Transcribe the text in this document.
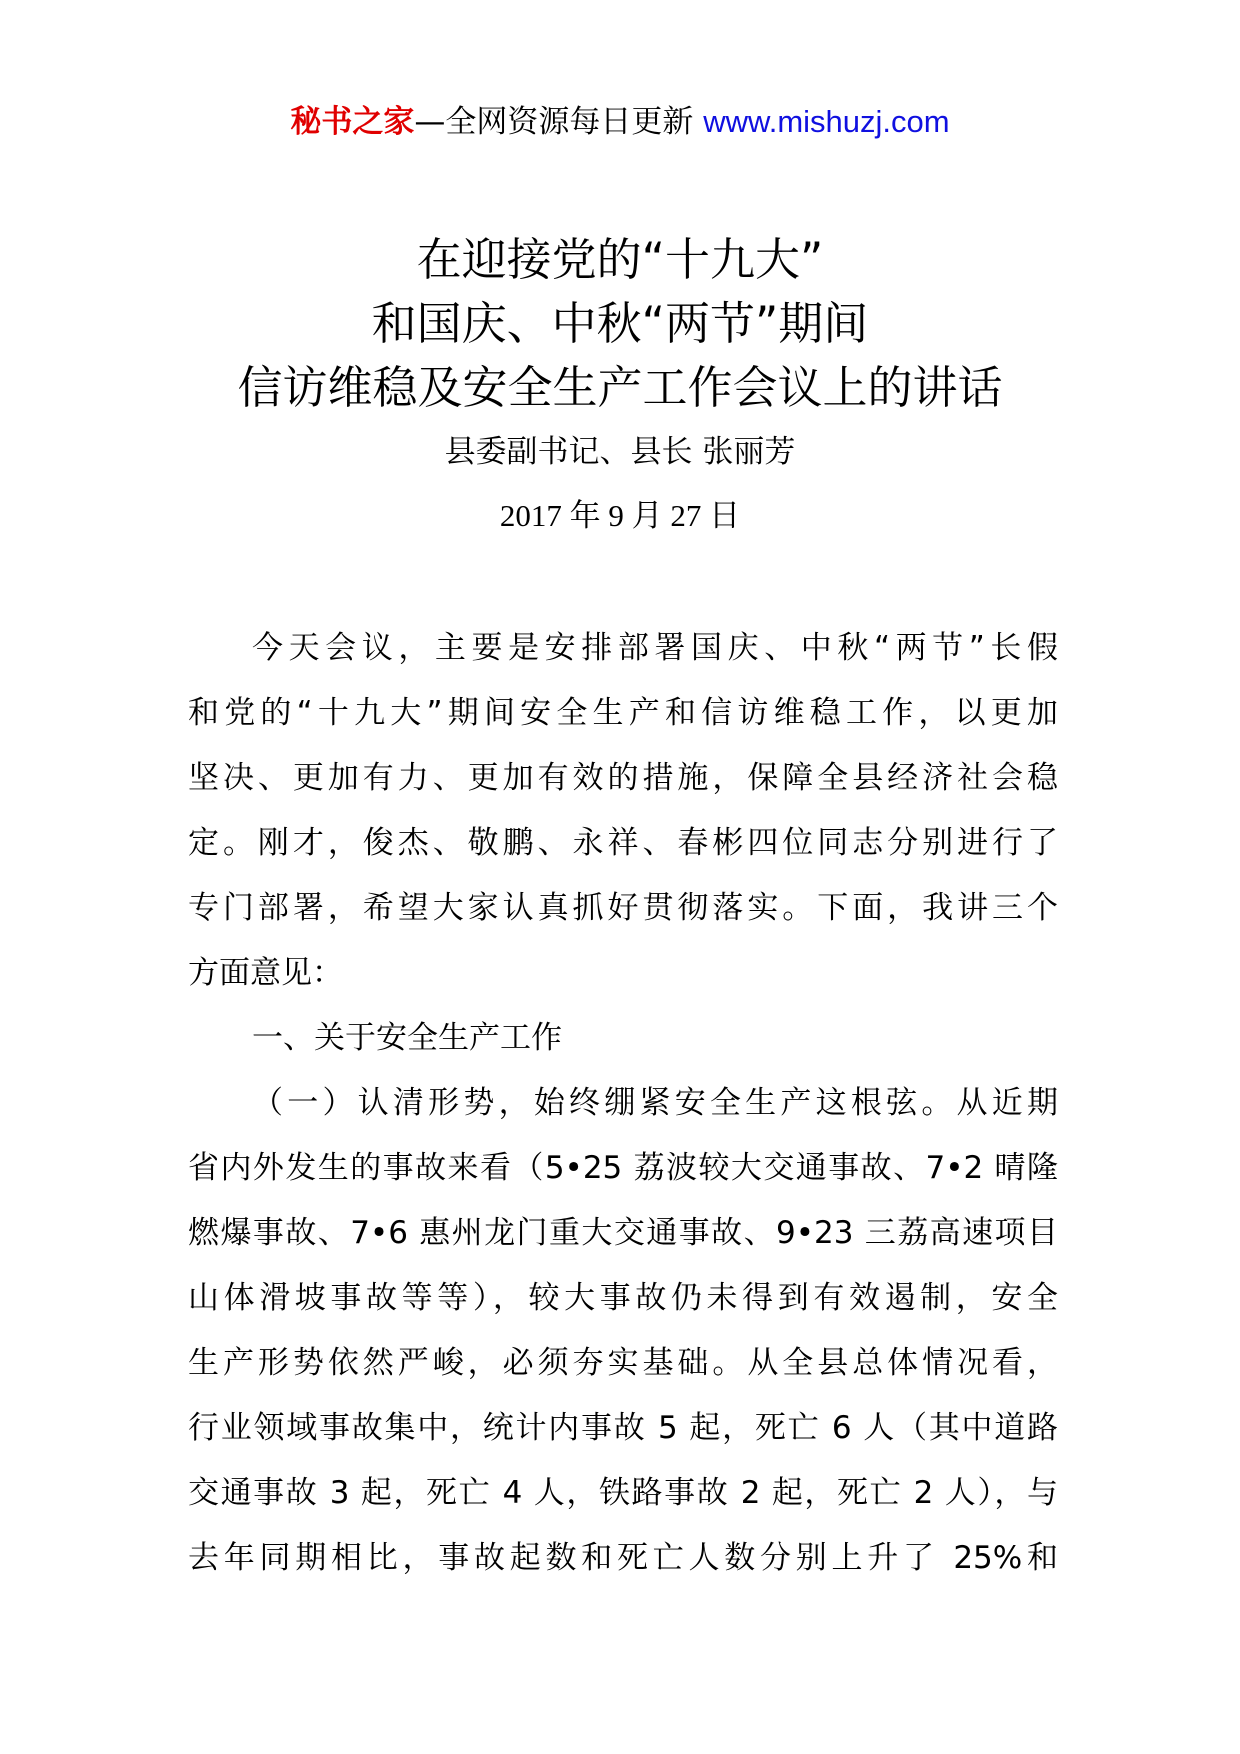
秘书之家—全网资源每日更新 www.mishuzj.com
在迎接党的“十九大”
和国庆、中秋“两节”期间
信访维稳及安全生产工作会议上的讲话
县委副书记、县长 张丽芳
2017 年 9 月 27 日
今天会议，主要是安排部署国庆、中秋“两节”长假
和党的“十九大”期间安全生产和信访维稳工作，以更加
坚决、更加有力、更加有效的措施，保障全县经济社会稳
定。刚才，俊杰、敬鹏、永祥、春彬四位同志分别进行了
专门部署，希望大家认真抓好贯彻落实。下面，我讲三个
方面意见：
一、关于安全生产工作
（一）认清形势，始终绷紧安全生产这根弦。从近期
省内外发生的事故来看（5•25 荔波较大交通事故、7•2 晴隆
燃爆事故、7•6 惠州龙门重大交通事故、9•23 三荔高速项目
山体滑坡事故等等），较大事故仍未得到有效遏制，安全
生产形势依然严峻，必须夯实基础。从全县总体情况看，
行业领域事故集中，统计内事故 5 起，死亡 6 人（其中道路
交通事故 3 起，死亡 4 人，铁路事故 2 起，死亡 2 人），与
去年同期相比，事故起数和死亡人数分别上升了 25%和
